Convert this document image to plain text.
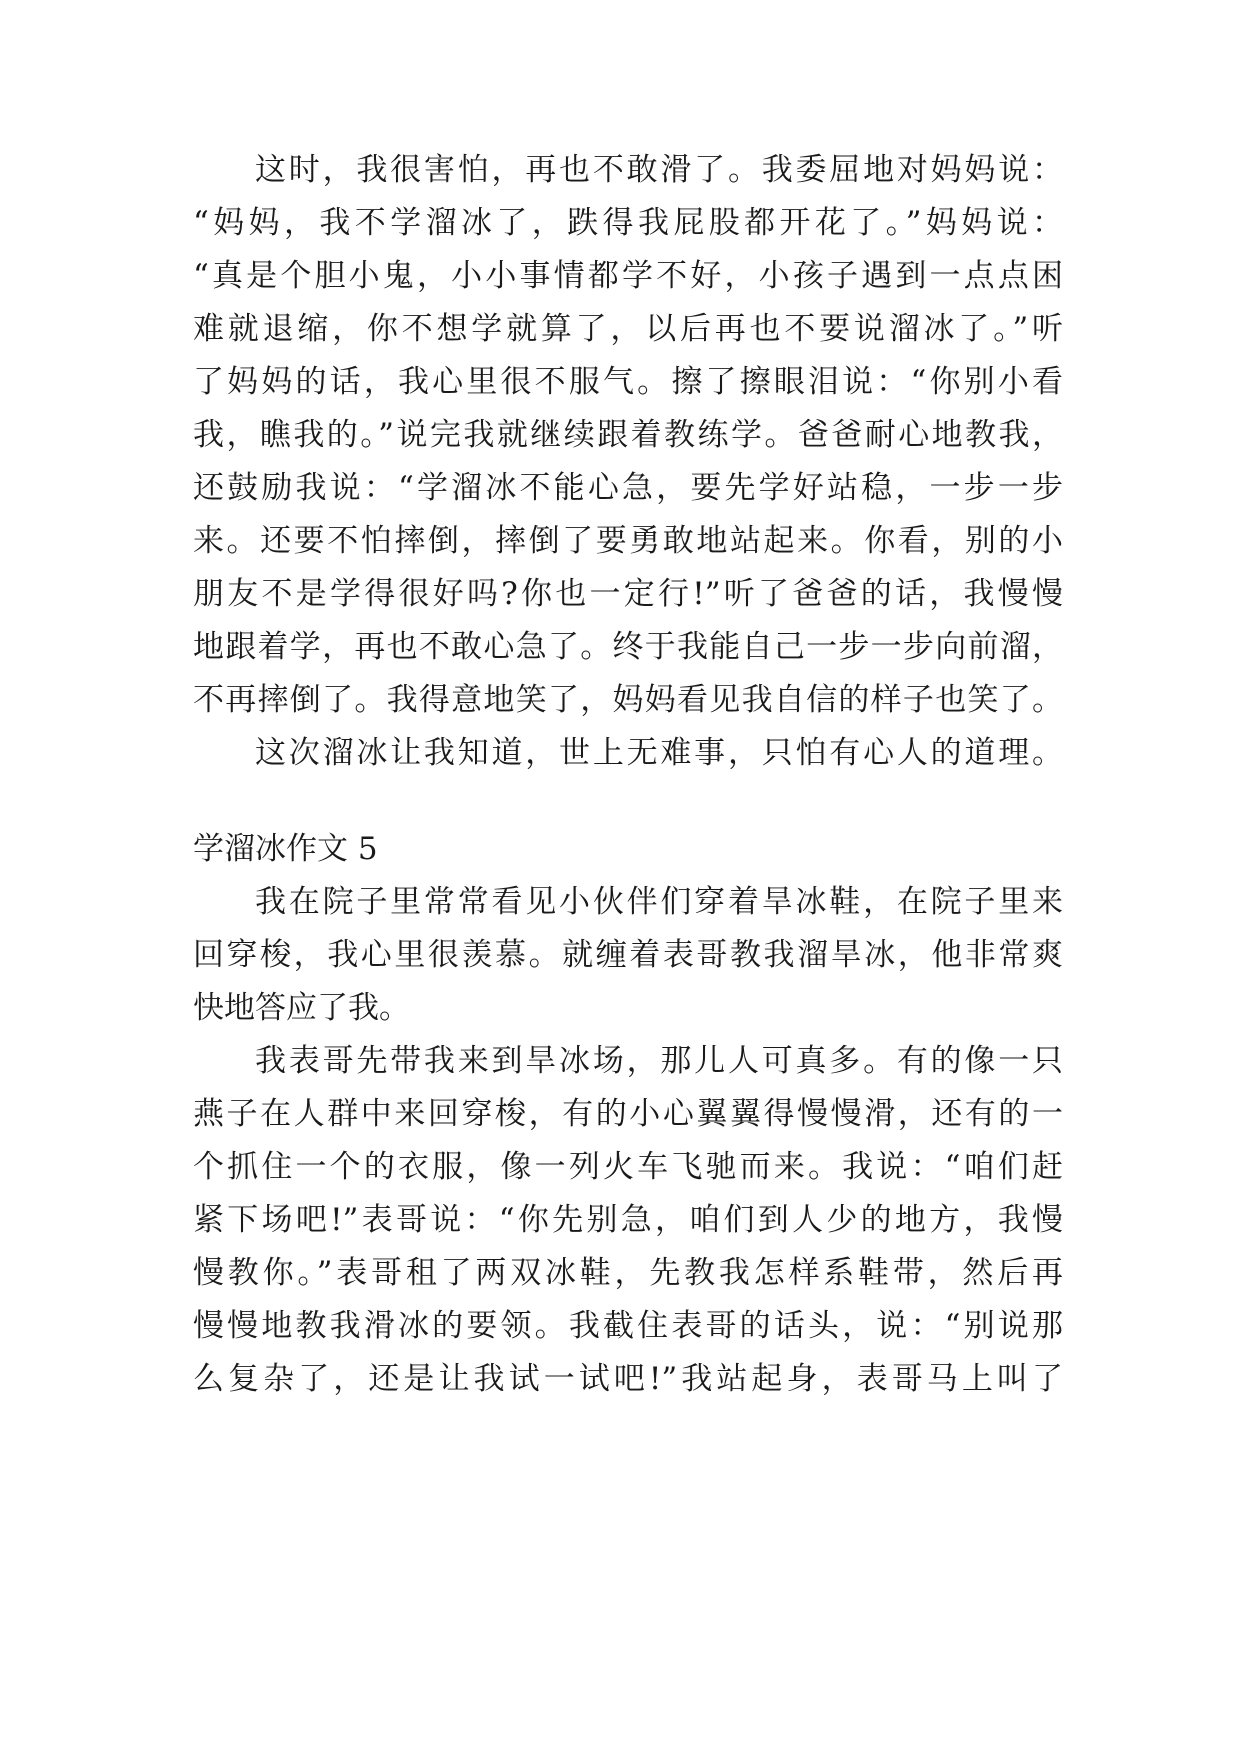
这时，我很害怕，再也不敢滑了。我委屈地对妈妈说：
“妈妈，我不学溜冰了，跌得我屁股都开花了。”妈妈说：
“真是个胆小鬼，小小事情都学不好，小孩子遇到一点点困
难就退缩，你不想学就算了，以后再也不要说溜冰了。”听
了妈妈的话，我心里很不服气。擦了擦眼泪说：“你别小看
我，瞧我的。”说完我就继续跟着教练学。爸爸耐心地教我，
还鼓励我说：“学溜冰不能心急，要先学好站稳，一步一步
来。还要不怕摔倒，摔倒了要勇敢地站起来。你看，别的小
朋友不是学得很好吗?你也一定行!”听了爸爸的话，我慢慢
地跟着学，再也不敢心急了。终于我能自己一步一步向前溜，
不再摔倒了。我得意地笑了，妈妈看见我自信的样子也笑了。
这次溜冰让我知道，世上无难事，只怕有心人的道理。
学溜冰作文 5
我在院子里常常看见小伙伴们穿着旱冰鞋，在院子里来
回穿梭，我心里很羡慕。就缠着表哥教我溜旱冰，他非常爽
快地答应了我。
我表哥先带我来到旱冰场，那儿人可真多。有的像一只
燕子在人群中来回穿梭，有的小心翼翼得慢慢滑，还有的一
个抓住一个的衣服，像一列火车飞驰而来。我说：“咱们赶
紧下场吧!”表哥说：“你先别急，咱们到人少的地方，我慢
慢教你。”表哥租了两双冰鞋，先教我怎样系鞋带，然后再
慢慢地教我滑冰的要领。我截住表哥的话头，说：“别说那
么复杂了，还是让我试一试吧!”我站起身，表哥马上叫了
